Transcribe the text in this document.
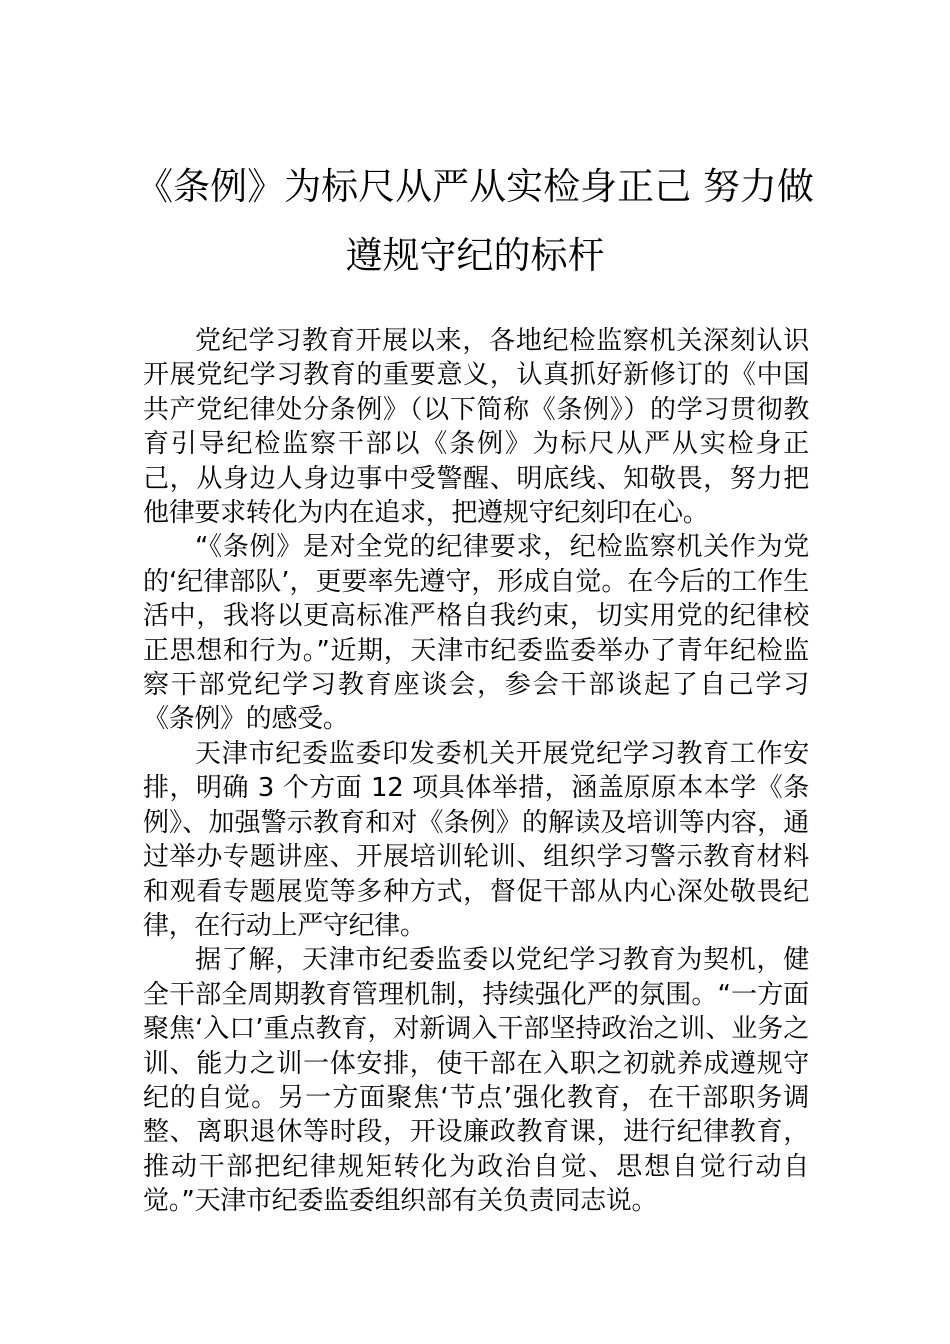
《条例》为标尺从严从实检身正己 努力做
遵规守纪的标杆

党纪学习教育开展以来，各地纪检监察机关深刻认识开展党纪学习教育的重要意义，认真抓好新修订的《中国共产党纪律处分条例》（以下简称《条例》）的学习贯彻教育引导纪检监察干部以《条例》为标尺从严从实检身正己，从身边人身边事中受警醒、明底线、知敬畏，努力把他律要求转化为内在追求，把遵规守纪刻印在心。

“《条例》是对全党的纪律要求，纪检监察机关作为党的‘纪律部队’，更要率先遵守，形成自觉。在今后的工作生活中，我将以更高标准严格自我约束，切实用党的纪律校正思想和行为。”近期，天津市纪委监委举办了青年纪检监察干部党纪学习教育座谈会，参会干部谈起了自己学习《条例》的感受。

天津市纪委监委印发委机关开展党纪学习教育工作安排，明确 3 个方面 12 项具体举措，涵盖原原本本学《条例》、加强警示教育和对《条例》的解读及培训等内容，通过举办专题讲座、开展培训轮训、组织学习警示教育材料和观看专题展览等多种方式，督促干部从内心深处敬畏纪律，在行动上严守纪律。

据了解，天津市纪委监委以党纪学习教育为契机，健全干部全周期教育管理机制，持续强化严的氛围。“一方面聚焦‘入口’重点教育，对新调入干部坚持政治之训、业务之训、能力之训一体安排，使干部在入职之初就养成遵规守纪的自觉。另一方面聚焦‘节点’强化教育，在干部职务调整、离职退休等时段，开设廉政教育课，进行纪律教育，推动干部把纪律规矩转化为政治自觉、思想自觉行动自觉。”天津市纪委监委组织部有关负责同志说。
